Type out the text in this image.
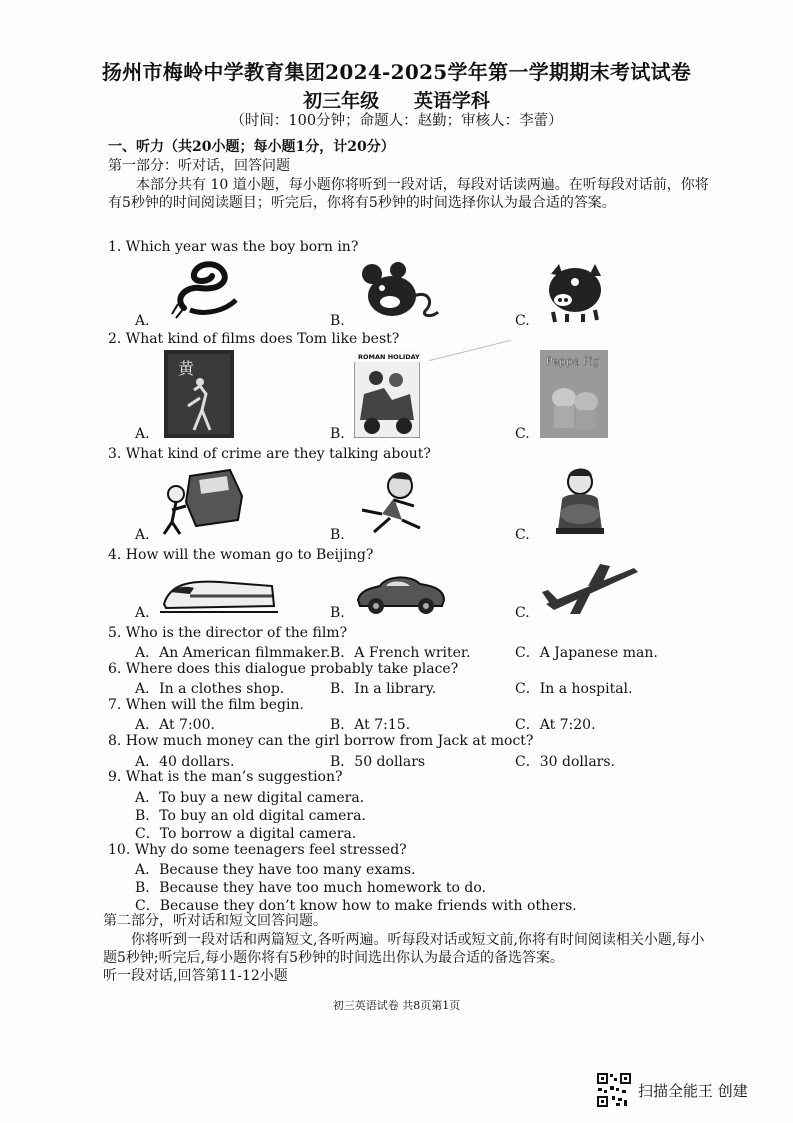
扬州市梅岭中学教育集团2024-2025学年第一学期期末考试试卷
初三年级 英语学科
（时间：100分钟；命题人：赵勤；审核人：李蕾）
一、听力（共20小题；每小题1分，计20分）
第一部分：听对话，回答问题
本部分共有 10 道小题，每小题你将听到一段对话，每段对话读两遍。在听每段对话前，你将有5秒钟的时间阅读题目；听完后，你将有5秒钟的时间选择你认为最合适的答案。
1. Which year was the boy born in?
A.	B.	C.
2. What kind of films does Tom like best?
黄
ROMAN HOLIDAY	Peppa Pig
A.	B.	C.
3. What kind of crime are they talking about?
A.	B.	C.
4. How will the woman go to Beijing?
A.	B.	C.
5. Who is the director of the film?
A．An American filmmaker. B．A French writer.	C．A Japanese man.
6. Where does this dialogue probably take place?
A．In a clothes shop.	B．In a library.	C．In a hospital.
7. When will the film begin.
A．At 7:00.	B．At 7:15.	C．At 7:20.
8. How much money can the girl borrow from Jack at moct?
A．40 dollars.	B．50 dollars	C．30 dollars.
9. What is the man’s suggestion?
A．To buy a new digital camera.
B．To buy an old digital camera.
C．To borrow a digital camera.
10. Why do some teenagers feel stressed?
A．Because they have too many exams.
B．Because they have too much homework to do.
C．Because they don’t know how to make friends with others.
第二部分，听对话和短文回答问题。
你将听到一段对话和两篇短文,各听两遍。听每段对话或短文前,你将有时间阅读相关小题,每小题5秒钟;听完后,每小题你将有5秒钟的时间选出你认为最合适的备选答案。
听一段对话,回答第11-12小题
初三英语试卷 共8页第1页
扫描全能王 创建
